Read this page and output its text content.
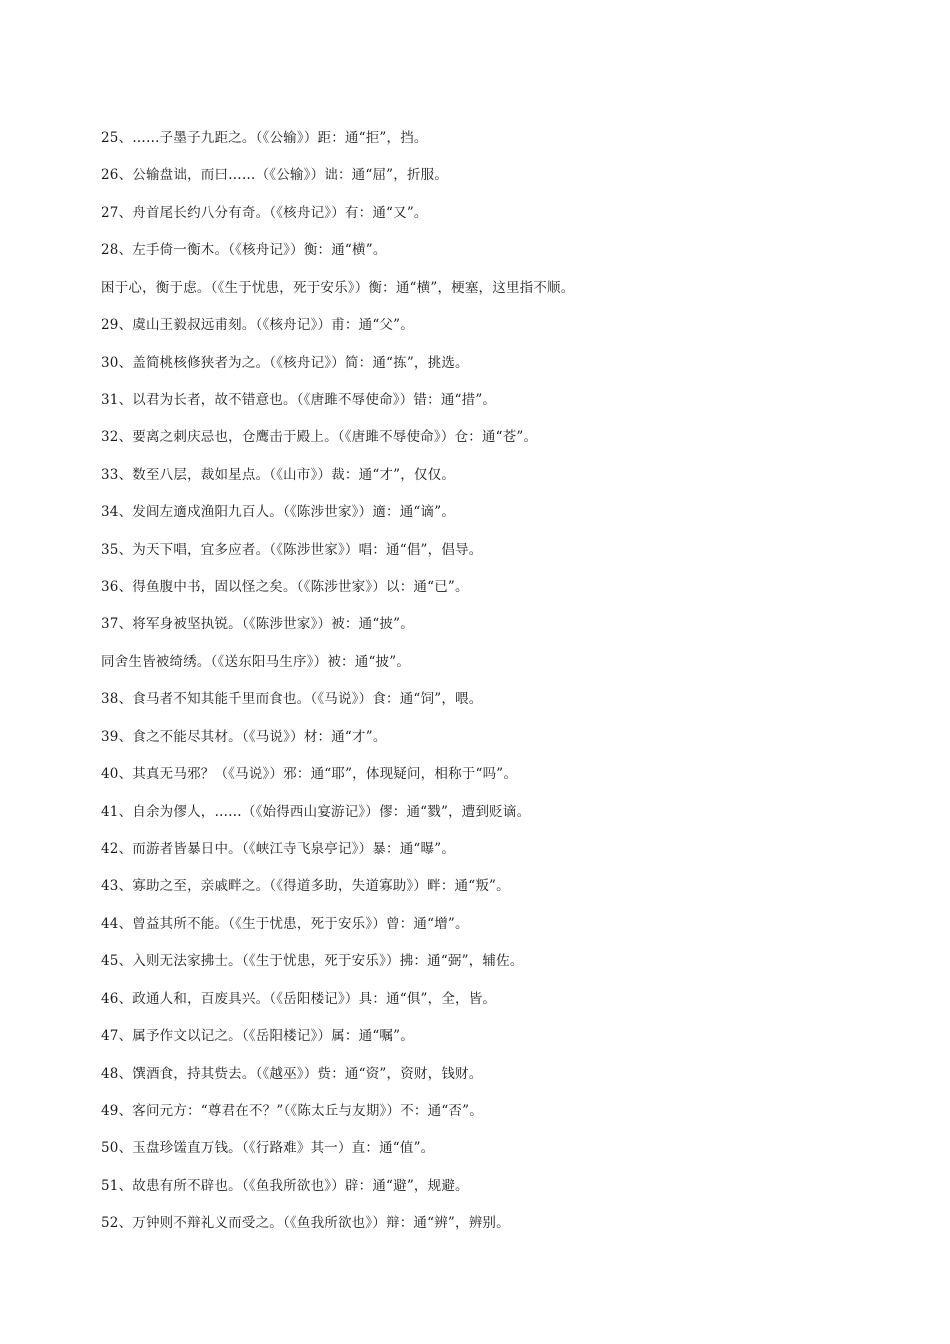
25、……子墨子九距之。（《公输》）距：通“拒”，挡。
26、公输盘诎，而曰……（《公输》）诎：通“屈”，折服。
27、舟首尾长约八分有奇。（《核舟记》）有：通“又”。
28、左手倚一衡木。（《核舟记》）衡：通“横”。
困于心，衡于虑。（《生于忧患，死于安乐》）衡：通“横”，梗塞，这里指不顺。
29、虞山王毅叔远甫刻。（《核舟记》）甫：通“父”。
30、盖简桃核修狭者为之。（《核舟记》）简：通“拣”，挑选。
31、以君为长者，故不错意也。（《唐雎不辱使命》）错：通“措”。
32、要离之刺庆忌也，仓鹰击于殿上。（《唐雎不辱使命》）仓：通“苍”。
33、数至八层，裁如星点。（《山市》）裁：通“才”，仅仅。
34、发闾左適戍渔阳九百人。（《陈涉世家》）適：通“谪”。
35、为天下唱，宜多应者。（《陈涉世家》）唱：通“倡”，倡导。
36、得鱼腹中书，固以怪之矣。（《陈涉世家》）以：通“已”。
37、将军身被坚执锐。（《陈涉世家》）被：通“披”。
同舍生皆被绮绣。（《送东阳马生序》）被：通“披”。
38、食马者不知其能千里而食也。（《马说》）食：通“饲”，喂。
39、食之不能尽其材。（《马说》）材：通“才”。
40、其真无马邪？（《马说》）邪：通“耶”，体现疑问，相称于“吗”。
41、自余为僇人，……（《始得西山宴游记》）僇：通“戮”，遭到贬谪。
42、而游者皆暴日中。（《峡江寺飞泉亭记》）暴：通“曝”。
43、寡助之至，亲戚畔之。（《得道多助，失道寡助》）畔：通“叛”。
44、曾益其所不能。（《生于忧患，死于安乐》）曾：通“增”。
45、入则无法家拂士。（《生于忧患，死于安乐》）拂：通“弼”，辅佐。
46、政通人和，百废具兴。（《岳阳楼记》）具：通“俱”，全，皆。
47、属予作文以记之。（《岳阳楼记》）属：通“嘱”。
48、馔酒食，持其赀去。（《越巫》）赀：通“资”，资财，钱财。
49、客问元方：“尊君在不？”（《陈太丘与友期》）不：通“否”。
50、玉盘珍馐直万钱。（《行路难》其一）直：通“值”。
51、故患有所不辟也。（《鱼我所欲也》）辟：通“避”，规避。
52、万钟则不辩礼义而受之。（《鱼我所欲也》）辩：通“辨”，辨别。
